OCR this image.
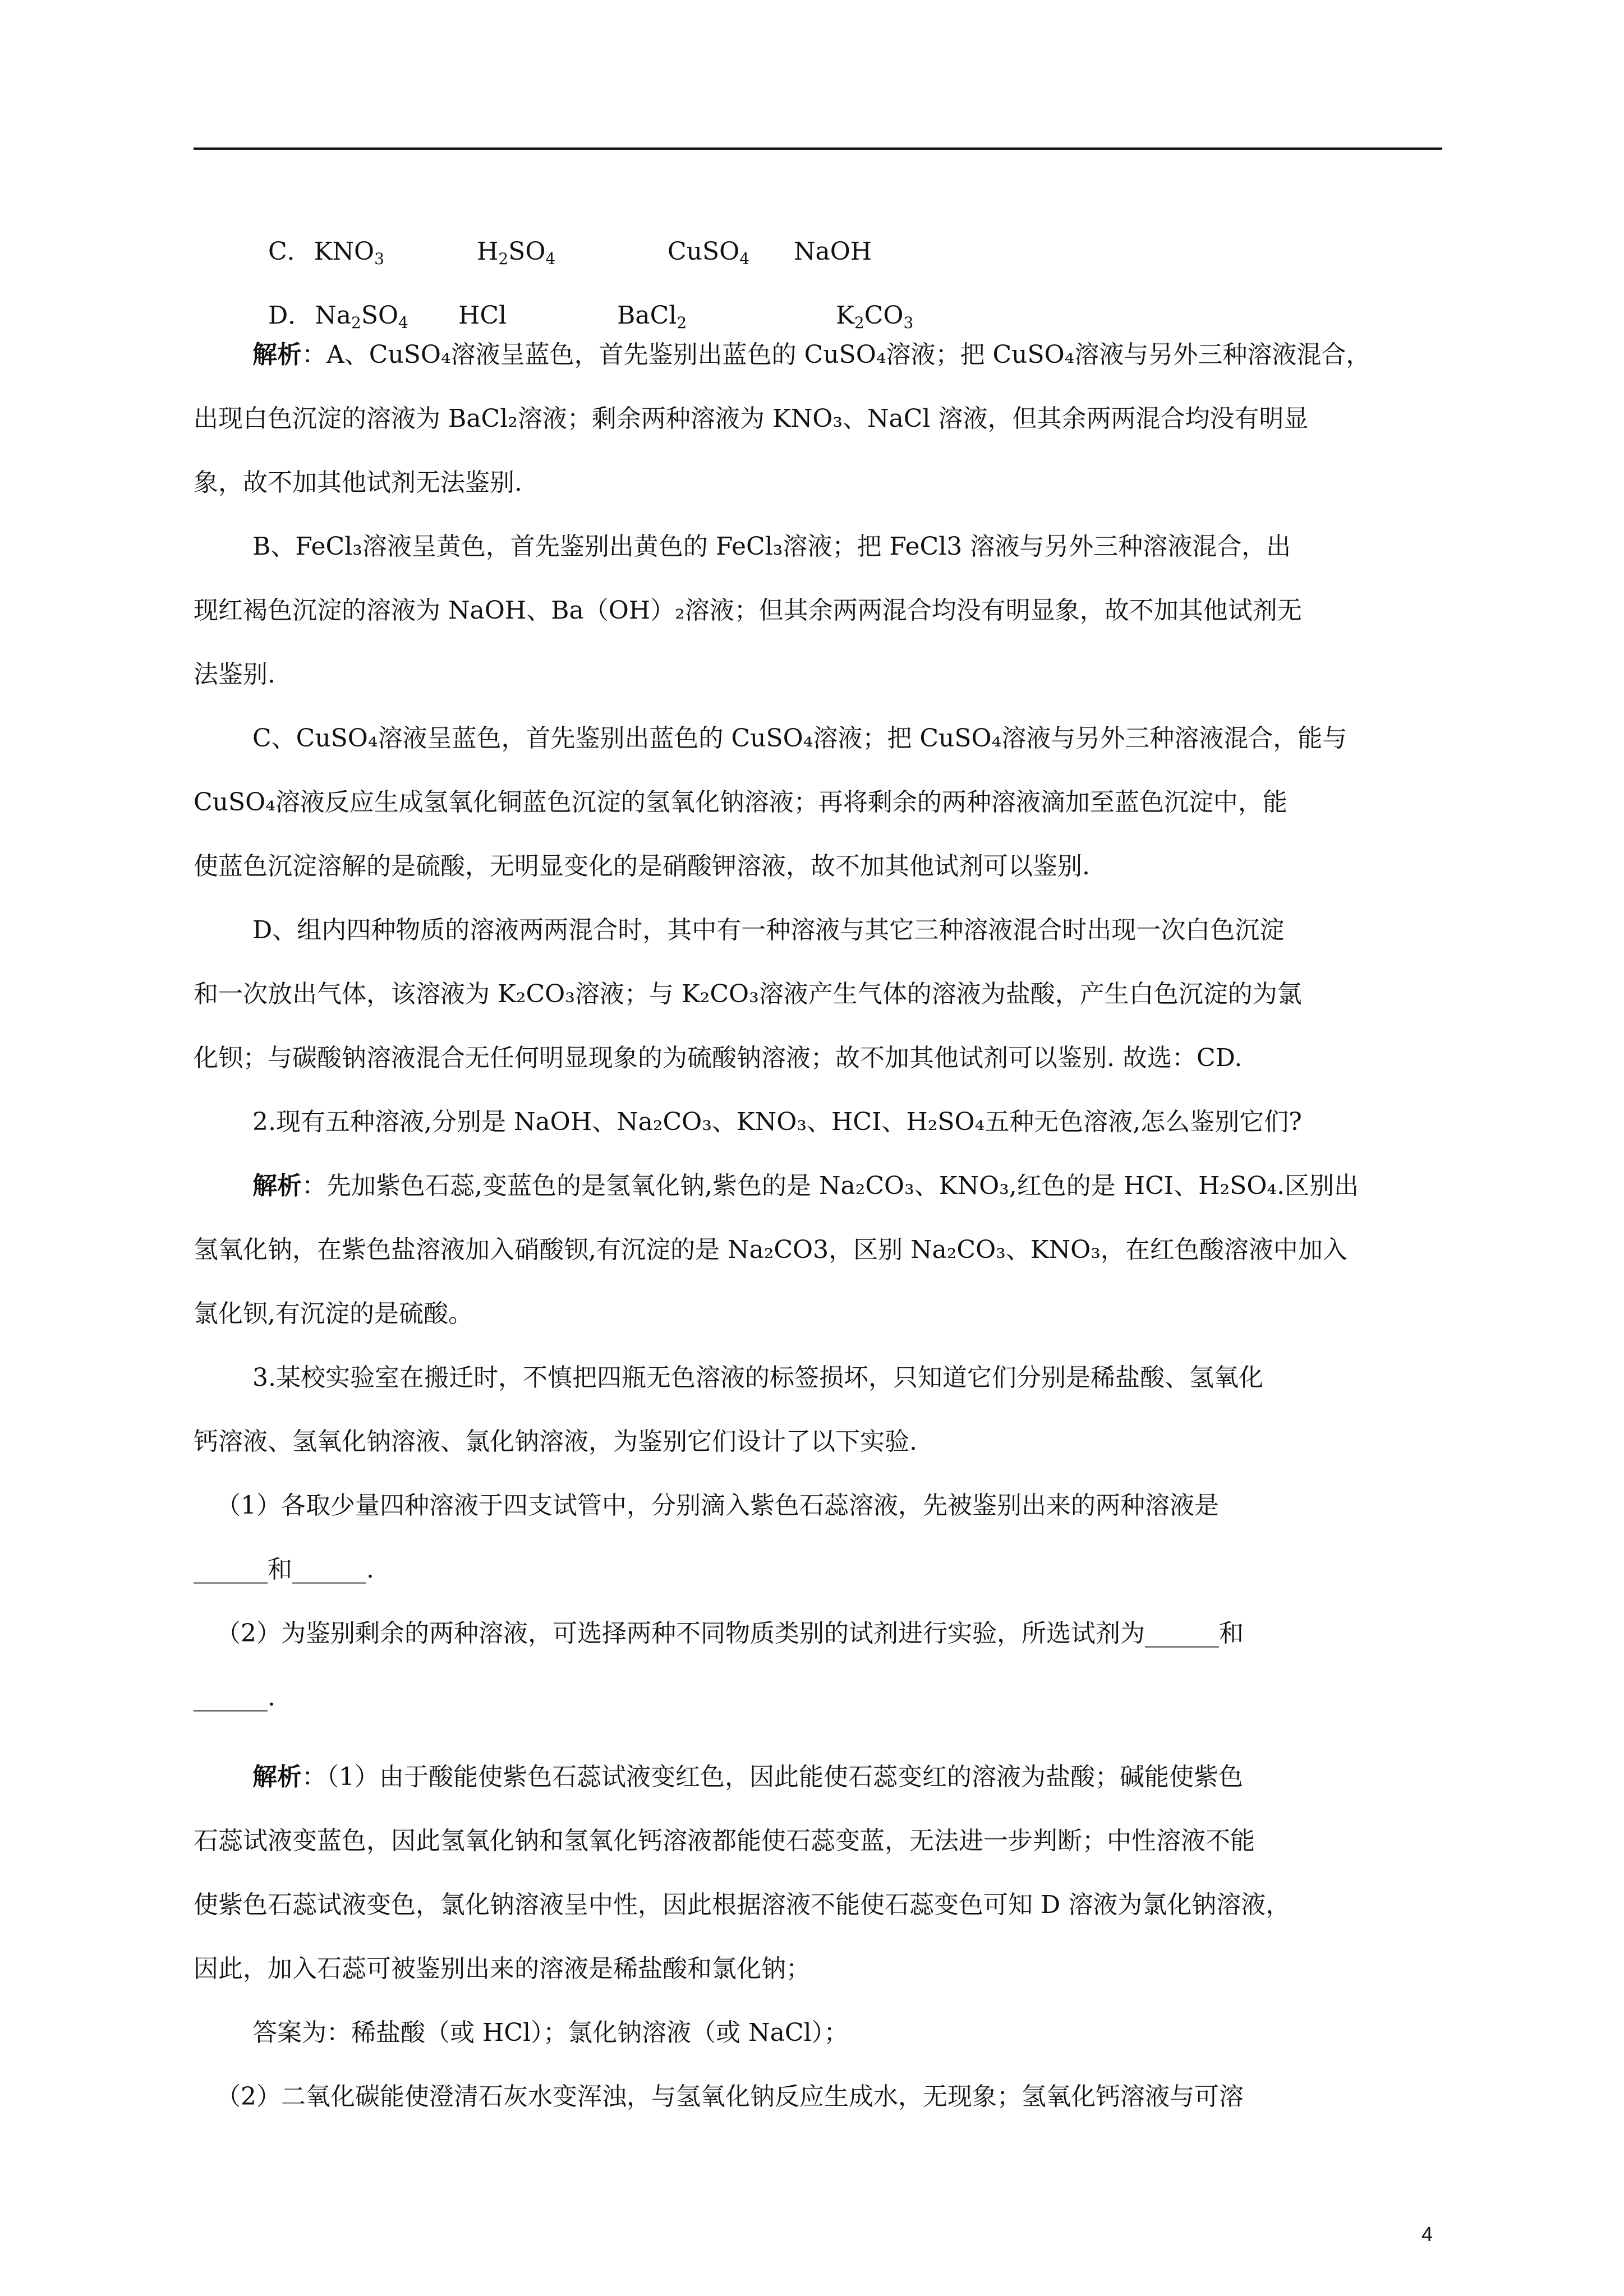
C．$KNO_3$	$H_2SO_4$	CuSO$_4$ NaOH

D．$Na_2SO_4$ HCl	BaCl$_2$	$K_2CO_3$

解析：A、CuSO₄溶液呈蓝色，首先鉴别出蓝色的 CuSO₄溶液；把 CuSO₄溶液与另外三种溶液混合，
出现白色沉淀的溶液为 BaCl₂溶液；剩余两种溶液为 KNO₃、NaCl 溶液，但其余两两混合均没有明显
象，故不加其他试剂无法鉴别.
B、FeCl₃溶液呈黄色，首先鉴别出黄色的 FeCl₃溶液；把 FeCl3 溶液与另外三种溶液混合，出
现红褐色沉淀的溶液为 NaOH、Ba（OH）₂溶液；但其余两两混合均没有明显象，故不加其他试剂无
法鉴别.
C、CuSO₄溶液呈蓝色，首先鉴别出蓝色的 CuSO₄溶液；把 CuSO₄溶液与另外三种溶液混合，能与
CuSO₄溶液反应生成氢氧化铜蓝色沉淀的氢氧化钠溶液；再将剩余的两种溶液滴加至蓝色沉淀中，能
使蓝色沉淀溶解的是硫酸，无明显变化的是硝酸钾溶液，故不加其他试剂可以鉴别.
D、组内四种物质的溶液两两混合时，其中有一种溶液与其它三种溶液混合时出现一次白色沉淀
和一次放出气体，该溶液为 K₂CO₃溶液；与 K₂CO₃溶液产生气体的溶液为盐酸，产生白色沉淀的为氯
化钡；与碳酸钠溶液混合无任何明显现象的为硫酸钠溶液；故不加其他试剂可以鉴别. 故选：CD.
2.现有五种溶液,分别是 NaOH、Na₂CO₃、KNO₃、HCI、H₂SO₄五种无色溶液,怎么鉴别它们?
解析：先加紫色石蕊,变蓝色的是氢氧化钠,紫色的是 Na₂CO₃、KNO₃,红色的是 HCI、H₂SO₄.区别出
氢氧化钠，在紫色盐溶液加入硝酸钡,有沉淀的是 Na₂CO3，区别 Na₂CO₃、KNO₃，在红色酸溶液中加入
氯化钡,有沉淀的是硫酸。
3.某校实验室在搬迁时，不慎把四瓶无色溶液的标签损坏，只知道它们分别是稀盐酸、氢氧化
钙溶液、氢氧化钠溶液、氯化钠溶液，为鉴别它们设计了以下实验.
（1）各取少量四种溶液于四支试管中，分别滴入紫色石蕊溶液，先被鉴别出来的两种溶液是
______和______.
（2）为鉴别剩余的两种溶液，可选择两种不同物质类别的试剂进行实验，所选试剂为______和
______.
解析：（1）由于酸能使紫色石蕊试液变红色，因此能使石蕊变红的溶液为盐酸；碱能使紫色
石蕊试液变蓝色，因此氢氧化钠和氢氧化钙溶液都能使石蕊变蓝，无法进一步判断；中性溶液不能
使紫色石蕊试液变色，氯化钠溶液呈中性，因此根据溶液不能使石蕊变色可知 D 溶液为氯化钠溶液，
因此，加入石蕊可被鉴别出来的溶液是稀盐酸和氯化钠；
答案为：稀盐酸（或 HCl）；氯化钠溶液（或 NaCl）；
（2）二氧化碳能使澄清石灰水变浑浊，与氢氧化钠反应生成水，无现象；氢氧化钙溶液与可溶
4
